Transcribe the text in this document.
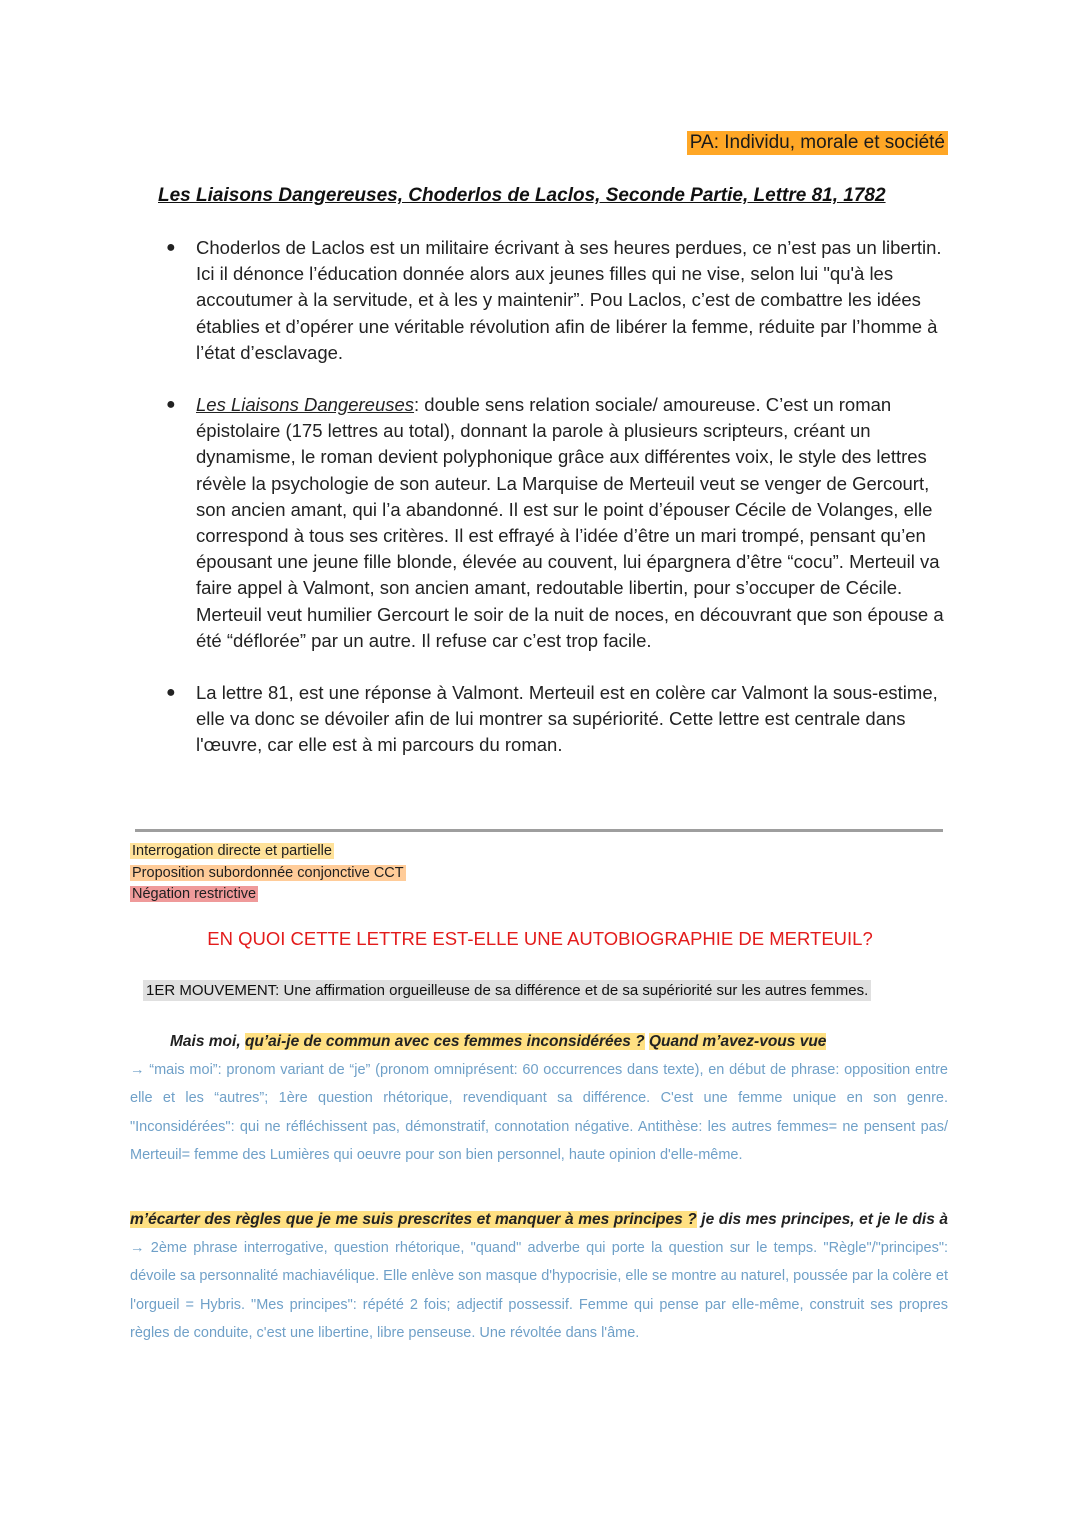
PA: Individu, morale et société
Les Liaisons Dangereuses, Choderlos de Laclos, Seconde Partie, Lettre 81, 1782
● Choderlos de Laclos est un militaire écrivant à ses heures perdues, ce n’est pas un libertin. Ici il dénonce l’éducation donnée alors aux jeunes filles qui ne vise, selon lui "qu'à les accoutumer à la servitude, et à les y maintenir”. Pou Laclos, c’est de combattre les idées établies et d’opérer une véritable révolution afin de libérer la femme, réduite par l’homme à l’état d’esclavage.
● Les Liaisons Dangereuses: double sens relation sociale/ amoureuse. C’est un roman épistolaire (175 lettres au total), donnant la parole à plusieurs scripteurs, créant un dynamisme, le roman devient polyphonique grâce aux différentes voix, le style des lettres révèle la psychologie de son auteur. La Marquise de Merteuil veut se venger de Gercourt, son ancien amant, qui l’a abandonné. Il est sur le point d’épouser Cécile de Volanges, elle correspond à tous ses critères. Il est effrayé à l’idée d’être un mari trompé, pensant qu’en épousant une jeune fille blonde, élevée au couvent, lui épargnera d’être “cocu”. Merteuil va faire appel à Valmont, son ancien amant, redoutable libertin, pour s’occuper de Cécile. Merteuil veut humilier Gercourt le soir de la nuit de noces, en découvrant que son épouse a été “déflorée” par un autre. Il refuse car c’est trop facile.
● La lettre 81, est une réponse à Valmont. Merteuil est en colère car Valmont la sous-estime, elle va donc se dévoiler afin de lui montrer sa supériorité. Cette lettre est centrale dans l'œuvre, car elle est à mi parcours du roman.
Interrogation directe et partielle
Proposition subordonnée conjonctive CCT
Négation restrictive
EN QUOI CETTE LETTRE EST-ELLE UNE AUTOBIOGRAPHIE DE MERTEUIL?
1ER MOUVEMENT: Une affirmation orgueilleuse de sa différence et de sa supériorité sur les autres femmes.
Mais moi, qu’ai-je de commun avec ces femmes inconsidérées ? Quand m’avez-vous vue
→ “mais moi”: pronom variant de “je” (pronom omniprésent: 60 occurrences dans texte), en début de phrase: opposition entre elle et les “autres”; 1ère question rhétorique, revendiquant sa différence. C'est une femme unique en son genre. "Inconsidérées": qui ne réfléchissent pas, démonstratif, connotation négative. Antithèse: les autres femmes= ne pensent pas/ Merteuil= femme des Lumières qui oeuvre pour son bien personnel, haute opinion d'elle-même.
m’écarter des règles que je me suis prescrites et manquer à mes principes ? je dis mes principes, et je le dis à → 2ème phrase interrogative, question rhétorique, "quand" adverbe qui porte la question sur le temps. "Règle"/"principes": dévoile sa personnalité machiavélique. Elle enlève son masque d'hypocrisie, elle se montre au naturel, poussée par la colère et l'orgueil = Hybris. "Mes principes": répété 2 fois; adjectif possessif. Femme qui pense par elle-même, construit ses propres règles de conduite, c'est une libertine, libre penseuse. Une révoltée dans l'âme.
